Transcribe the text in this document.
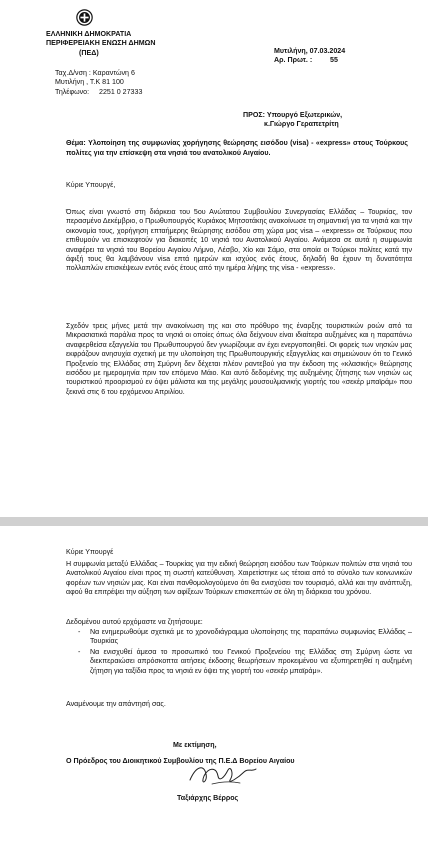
ΕΛΛΗΝΙΚΗ ΔΗΜΟΚΡΑΤΙΑ
ΠΕΡΙΦΕΡΕΙΑΚΗ ΕΝΩΣΗ ΔΗΜΩΝ
(ΠΕΔ)
Ταχ.Δ/νση : Καραντώνη 6
Μυτιλήνη , Τ.Κ 81 100
Τηλέφωνο:	2251 0 27333
Μυτιλήνη, 07.03.2024
Αρ. Πρωτ. :	55
ΠΡΟΣ: Υπουργό Εξωτερικών,
κ.Γιώργο Γεραπετρίτη
Θέμα: Υλοποίηση της συμφωνίας χορήγησης θεώρησης εισόδου (visa) - «express» στους Τούρκους πολίτες για την επίσκεψη στα νησιά του ανατολικού Αιγαίου.
Κύριε Υπουργέ,
Όπως είναι γνωστό στη διάρκεια του 5ου Ανώτατου Συμβουλίου Συνεργασίας Ελλάδας – Τουρκίας, τον περασμένο Δεκέμβριο, ο Πρωθυπουργός Κυριάκος Μητσοτάκης ανακοίνωσε τη σημαντική για τα νησιά και την οικονομία τους, χορήγηση επταήμερης θεώρησης εισόδου στη χώρα μας visa – «express» σε Τούρκους που επιθυμούν να επισκεφτούν για διακοπές 10 νησιά του Ανατολικού Αιγαίου. Ανάμεσα σε αυτά η συμφωνία αναφέρει τα νησιά του Βορείου Αιγαίου Λήμνο, Λέσβο, Χίο και Σάμο, στα οποία οι Τούρκοι πολίτες κατά την άφιξή τους θα λαμβάνουν visa επτά ημερών και ισχύος ενός έτους, δηλαδή θα έχουν τη δυνατότητα πολλαπλών επισκέψεων εντός ενός έτους από την ημέρα λήψης της visa - «express».
Σχεδόν τρεις μήνες μετά την ανακοίνωση της και στο πρόθυρο της έναρξης τουριστικών ροών από τα Μικρασιατικά παράλια προς τα νησιά οι οποίες όπως όλα δείχνουν είναι ιδιαίτερα αυξημένες και η παραπάνω αναφερθείσα εξαγγελία του Πρωθυπουργού δεν γνωρίζουμε αν έχει ενεργοποιηθεί. Οι φορείς των νησιών μας εκφράζουν ανησυχία σχετική με την υλοποίηση της Πρωθυπουργικής εξαγγελίας και σημειώνουν ότι το Γενικό Προξενείο της Ελλάδας στη Σμύρνη δεν δέχεται πλέον ραντεβού για την έκδοση της «κλασικής» θεώρησης εισόδου με ημερομηνία πριν τον επόμενο Μάιο. Και αυτό δεδομένης της αυξημένης ζήτησης των νησιών ως τουριστικού προορισμού εν όψει μάλιστα και της μεγάλης μουσουλμανικής γιορτής του «σεκέρ μπαϊράμ» που ξεκινά στις 6 του ερχόμενου Απριλίου.
Κύριε Υπουργέ
Η συμφωνία μεταξύ Ελλάδας – Τουρκίας για την ειδική θεώρηση εισόδου των Τούρκων πολιτών στα νησιά του Ανατολικού Αιγαίου είναι προς τη σωστή κατεύθυνση. Χαιρετίστηκε ως τέτοια από το σύνολο των κοινωνικών φορέων των νησιών μας. Και είναι πανθομολογούμενο ότι θα ενισχύσει τον τουρισμό, αλλά και την ανάπτυξη, αφού θα επιτρέψει την αύξηση των αφίξεων Τούρκων επισκεπτών σε όλη τη διάρκεια του χρόνου.
Δεδομένου αυτού ερχόμαστε να ζητήσουμε:
-	Να ενημερωθούμε σχετικά με το χρονοδιάγραμμα υλοποίησης της παραπάνω συμφωνίας Ελλάδας – Τουρκίας
-	Να ενισχυθεί άμεσα το προσωπικό του Γενικού Προξενείου της Ελλάδας στη Σμύρνη ώστε να διεκπεραιώσει απρόσκοπτα αιτήσεις έκδοσης θεωρήσεων προκειμένου να εξυπηρετηθεί η αυξημένη ζήτηση για ταξίδια προς τα νησιά εν όψει της γιορτή του «σεκέρ μπαϊράμ».
Αναμένουμε την απάντησή σας.
Με εκτίμηση,
Ο Πρόεδρος του Διοικητικού Συμβουλίου της Π.Ε.Δ Βορείου Αιγαίου
Ταξιάρχης Βέρρος
